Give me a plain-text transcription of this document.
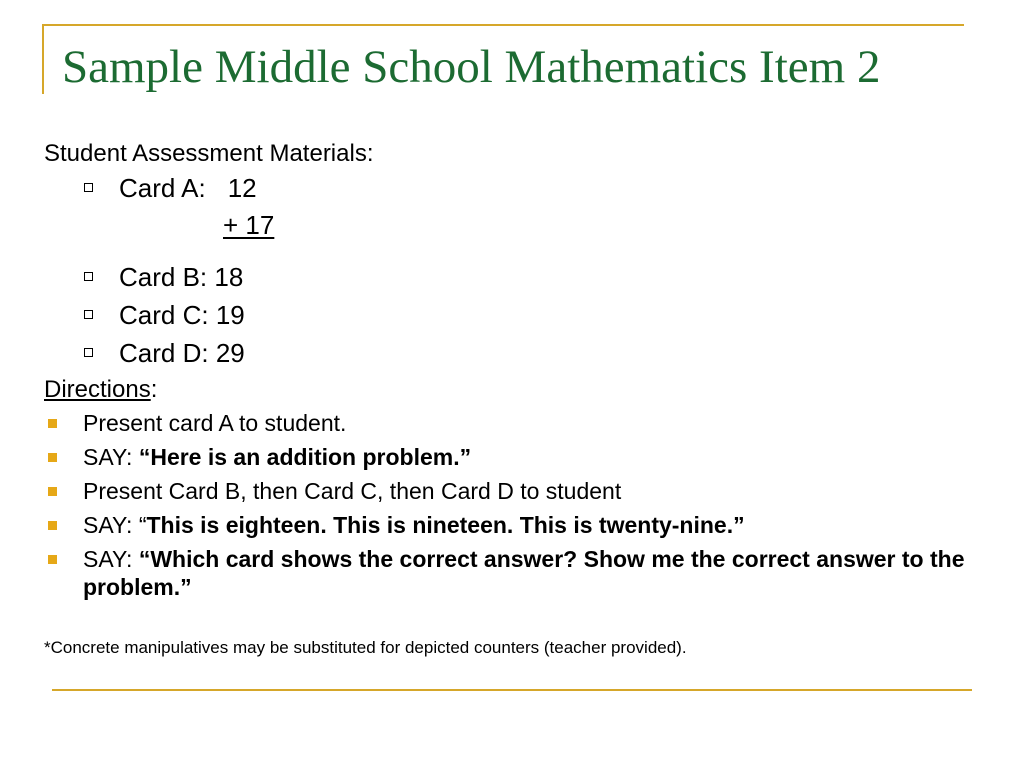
Sample Middle School Mathematics Item 2
Student Assessment Materials:
Card A: 12
+ 17
Card B: 18
Card C: 19
Card D: 29
Directions:
Present card A to student.
SAY: “Here is an addition problem.”
Present Card B, then Card C, then Card D to student
SAY: “This is eighteen. This is nineteen. This is twenty-nine.”
SAY: “Which card shows the correct answer? Show me the correct answer to the problem.”
*Concrete manipulatives may be substituted for depicted counters (teacher provided).
